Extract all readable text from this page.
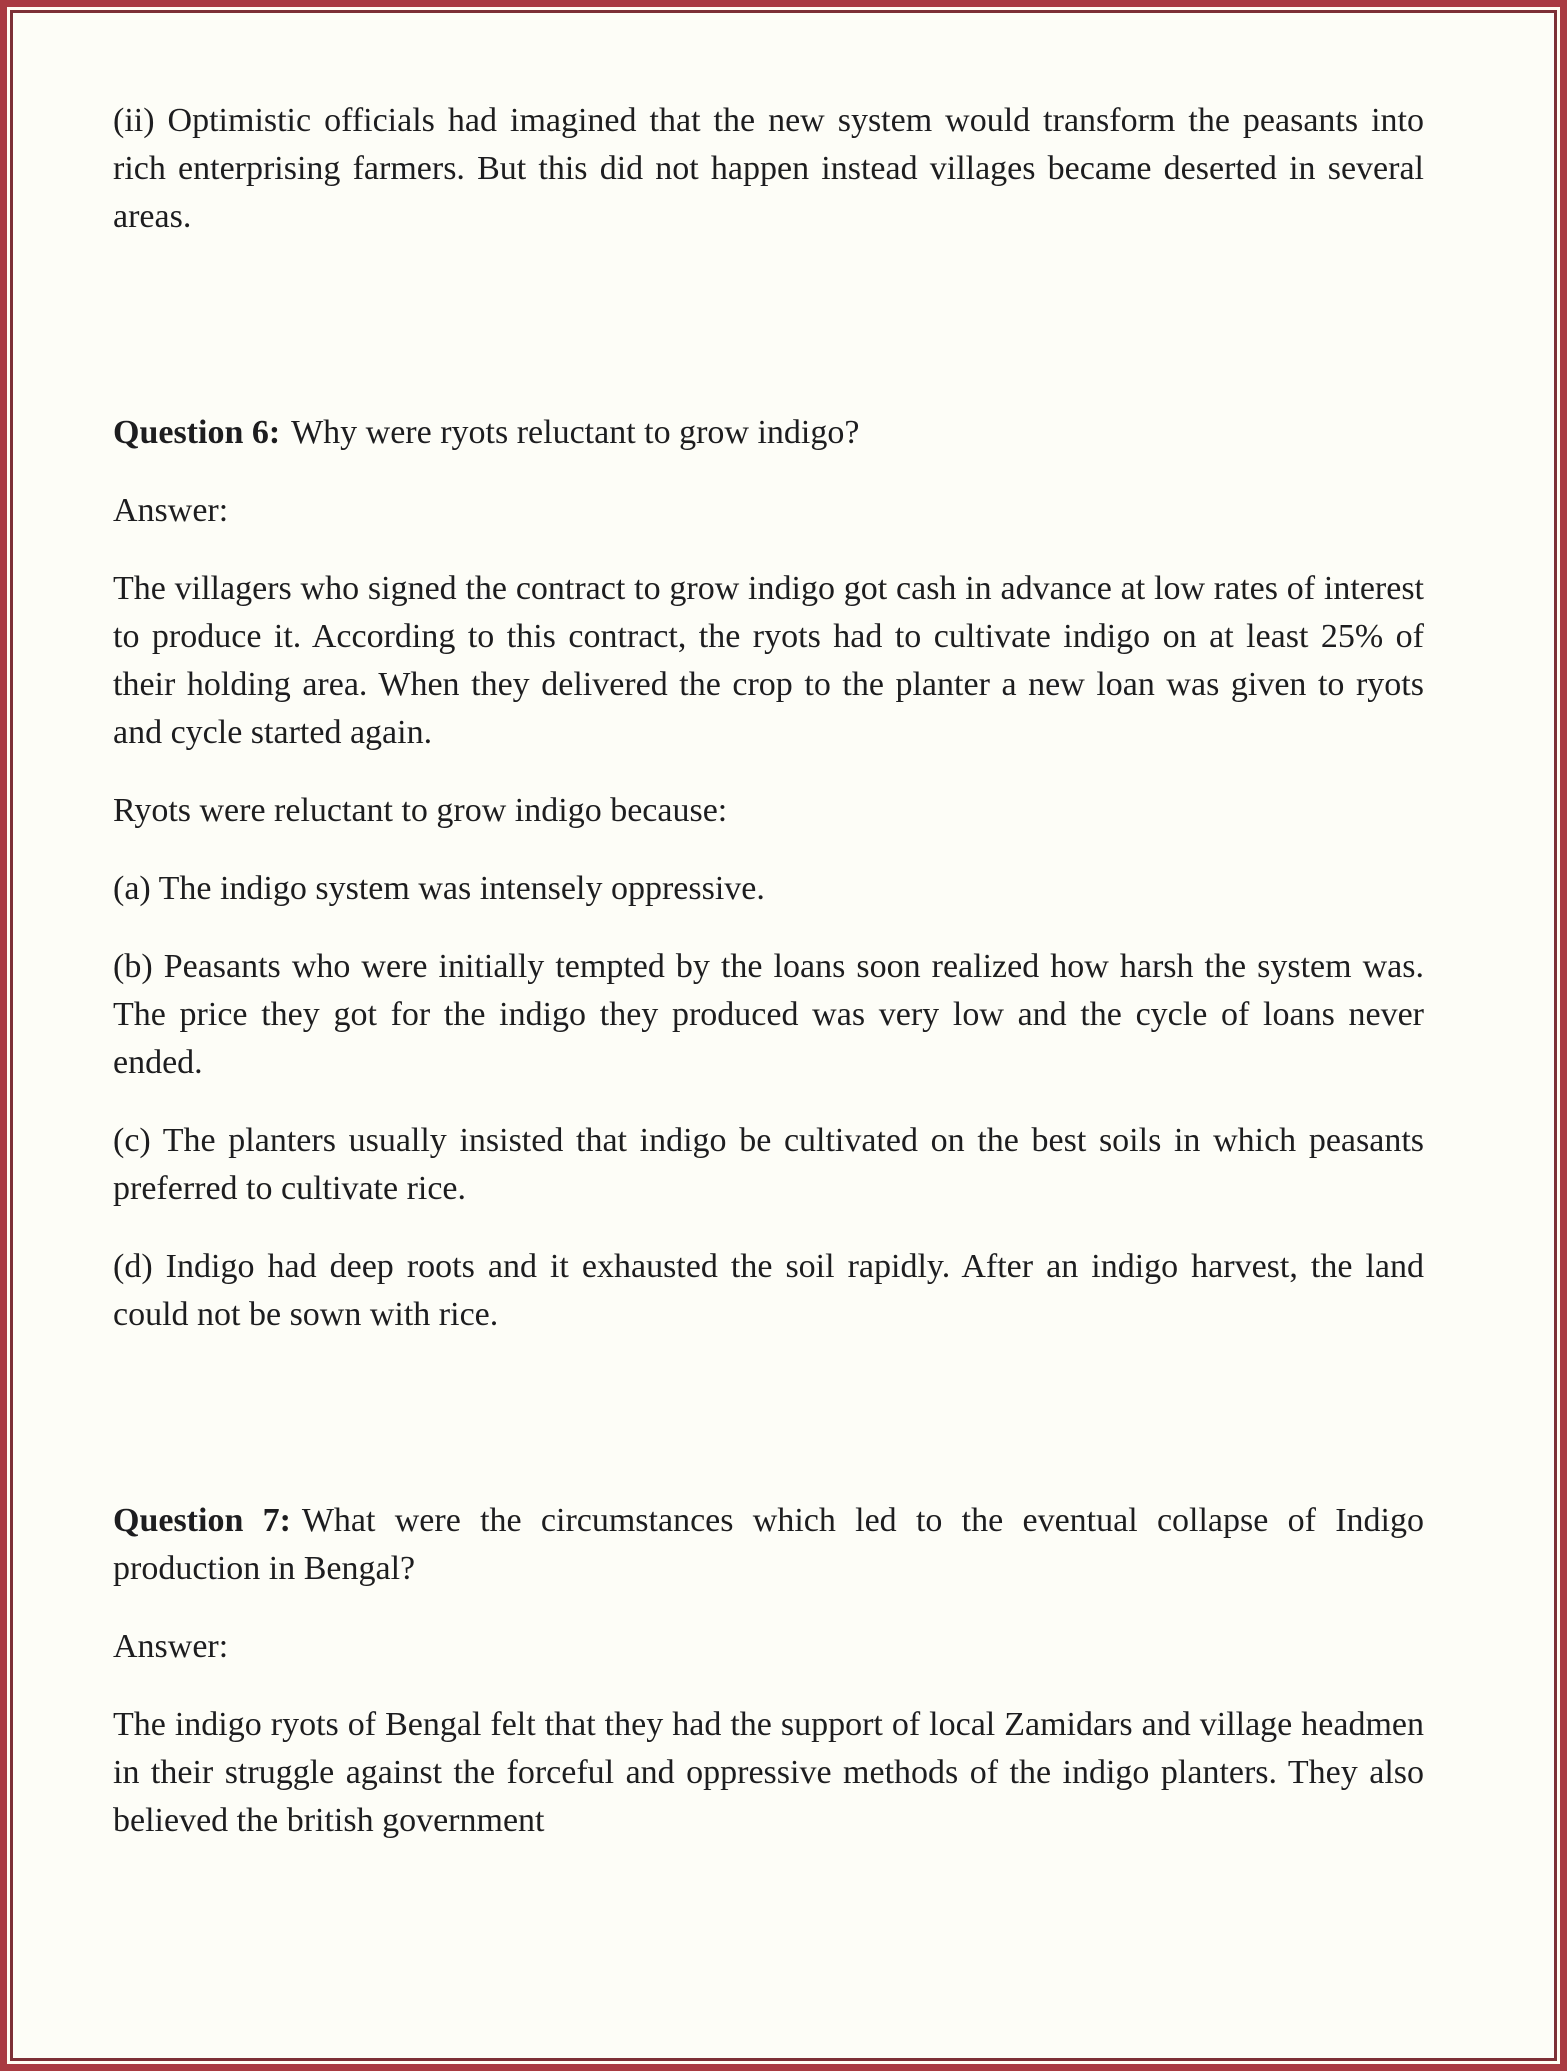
(ii) Optimistic officials had imagined that the new system would transform the peasants into rich enterprising farmers. But this did not happen instead villages became deserted in several areas.

Question 6: Why were ryots reluctant to grow indigo?

Answer:

The villagers who signed the contract to grow indigo got cash in advance at low rates of interest to produce it. According to this contract, the ryots had to cultivate indigo on at least 25% of their holding area. When they delivered the crop to the planter a new loan was given to ryots and cycle started again.

Ryots were reluctant to grow indigo because:

(a) The indigo system was intensely oppressive.

(b) Peasants who were initially tempted by the loans soon realized how harsh the system was. The price they got for the indigo they produced was very low and the cycle of loans never ended.

(c) The planters usually insisted that indigo be cultivated on the best soils in which peasants preferred to cultivate rice.

(d) Indigo had deep roots and it exhausted the soil rapidly. After an indigo harvest, the land could not be sown with rice.

Question 7: What were the circumstances which led to the eventual collapse of Indigo production in Bengal?

Answer:

The indigo ryots of Bengal felt that they had the support of local Zamidars and village headmen in their struggle against the forceful and oppressive methods of the indigo planters. They also believed the british government
